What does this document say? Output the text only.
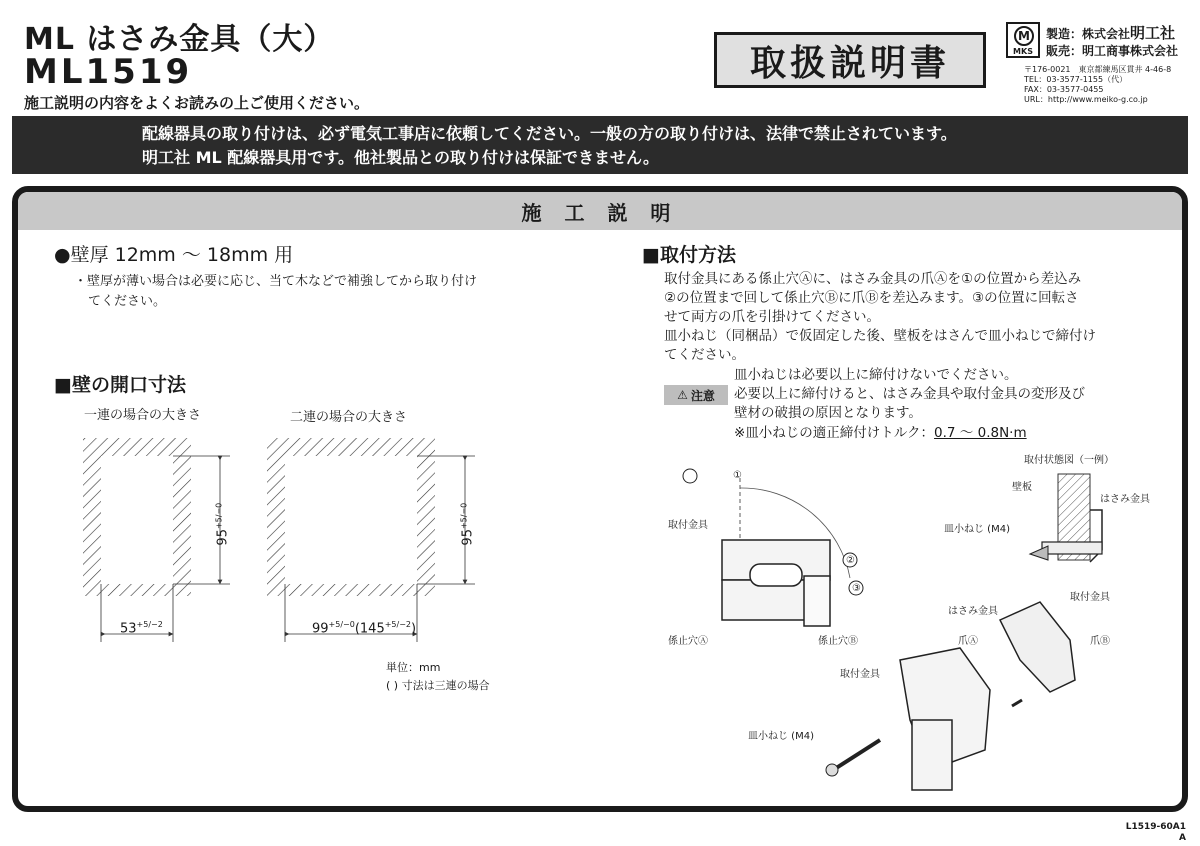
ML はさみ金具（大）
ML1519
施工説明の内容をよくお読みの上ご使用ください。
取扱説明書
M
MKS
製造：株式会社明工社
販売：明工商事株式会社
〒176-0021　東京都練馬区貫井 4-46-8
TEL：03-3577-1155（代）
FAX：03-3577-0455
URL：http://www.meiko-g.co.jp
配線器具の取り付けは、必ず電気工事店に依頼してください。一般の方の取り付けは、法律で禁止されています。
明工社 ML 配線器具用です。他社製品との取り付けは保証できません。
施 工 説 明
●壁厚 12mm ～ 18mm 用
・壁厚が薄い場合は必要に応じ、当て木などで補強してから取り付け
てください。
■壁の開口寸法
一連の場合の大きさ	二連の場合の大きさ
$95^{+5/-0}$
$53^{+5/-2}$
$95^{+5/-0}$
$99^{+5/-0}(145^{+5/-2})$
単位：mm
( ) 寸法は三連の場合
■取付方法
取付金具にある係止穴Ⓐに、はさみ金具の爪Ⓐを①の位置から差込み
②の位置まで回して係止穴Ⓑに爪Ⓑを差込みます。③の位置に回転さ
せて両方の爪を引掛けてください。
皿小ねじ（同梱品）で仮固定した後、壁板をはさんで皿小ねじで締付け
てください。
⚠ 注意
皿小ねじは必要以上に締付けないでください。
必要以上に締付けると、はさみ金具や取付金具の変形及び
壁材の破損の原因となります。
※皿小ねじの適正締付けトルク：0.7 ～ 0.8N·m
①
②
③
取付金具
係止穴Ⓐ	係止穴Ⓑ
取付状態図（一例）
壁板
はさみ金具
皿小ねじ (M4)
取付金具
はさみ金具
爪Ⓐ	爪Ⓑ
取付金具
皿小ねじ (M4)
L1519-60A1
A
